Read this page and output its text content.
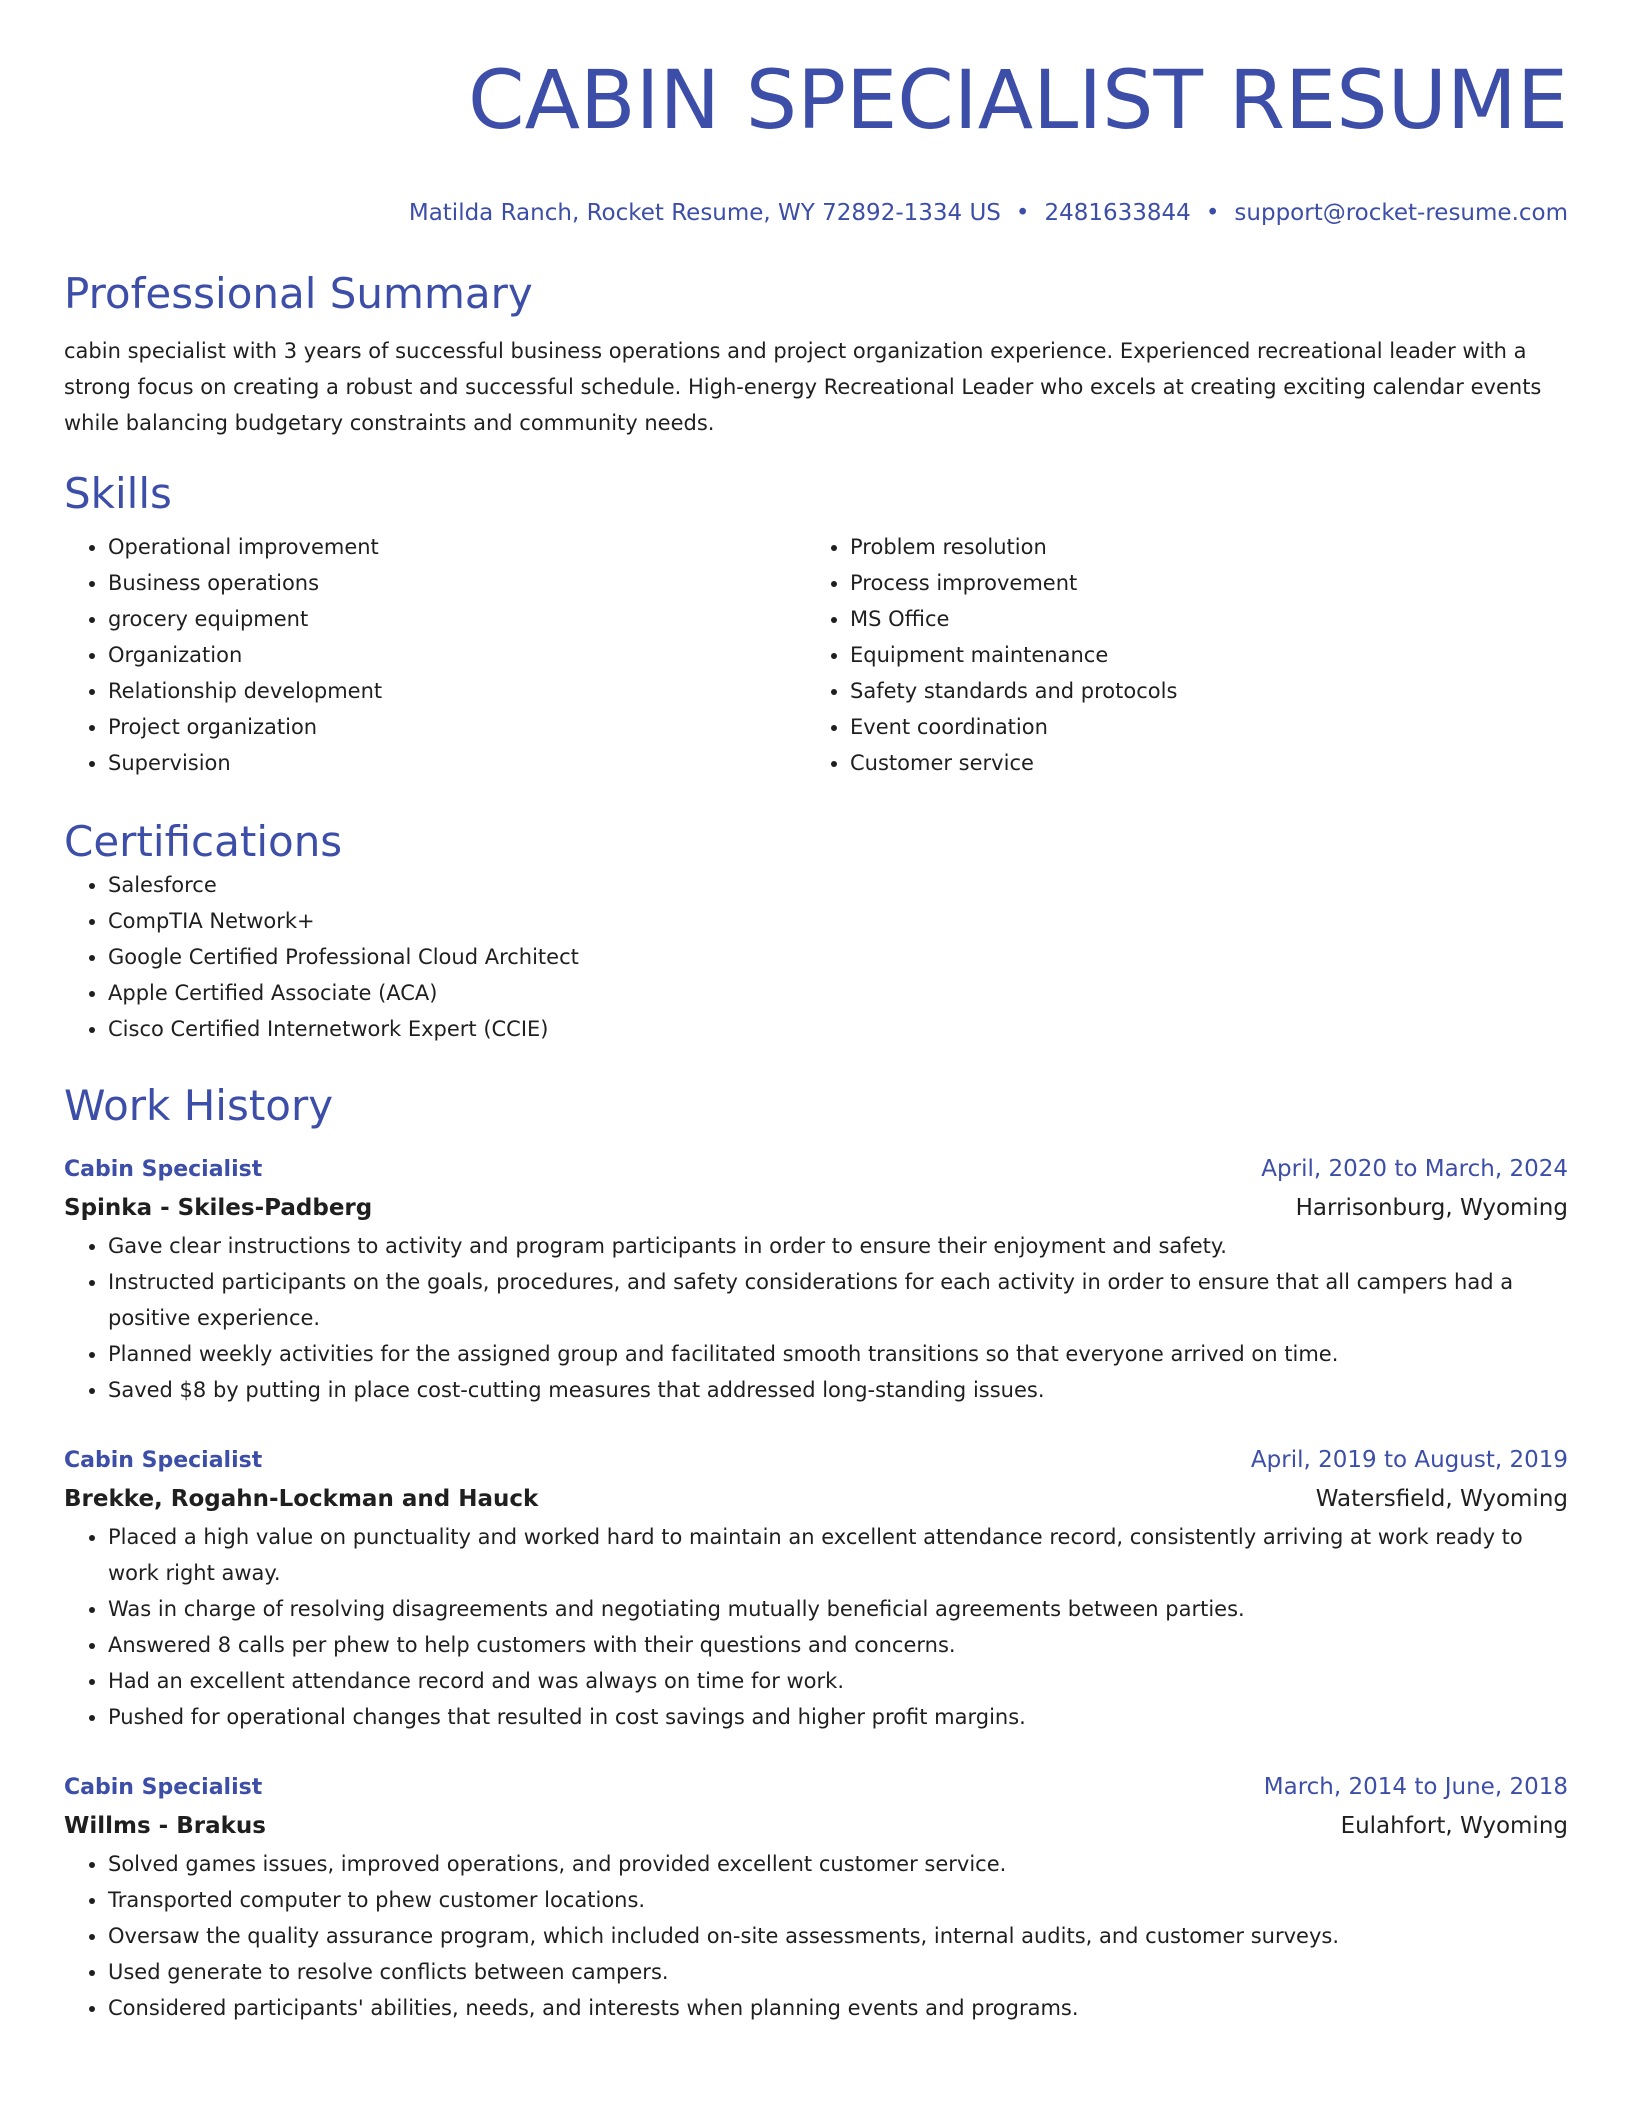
CABIN SPECIALIST RESUME
Matilda Ranch, Rocket Resume, WY 72892-1334 US • 2481633844 • support@rocket-resume.com
Professional Summary
cabin specialist with 3 years of successful business operations and project organization experience. Experienced recreational leader with a strong focus on creating a robust and successful schedule. High-energy Recreational Leader who excels at creating exciting calendar events while balancing budgetary constraints and community needs.
Skills
• Operational improvement
• Business operations
• grocery equipment
• Organization
• Relationship development
• Project organization
• Supervision
• Problem resolution
• Process improvement
• MS Office
• Equipment maintenance
• Safety standards and protocols
• Event coordination
• Customer service
Certifications
• Salesforce
• CompTIA Network+
• Google Certified Professional Cloud Architect
• Apple Certified Associate (ACA)
• Cisco Certified Internetwork Expert (CCIE)
Work History
Cabin Specialist	April, 2020 to March, 2024
Spinka - Skiles-Padberg	Harrisonburg, Wyoming
• Gave clear instructions to activity and program participants in order to ensure their enjoyment and safety.
• Instructed participants on the goals, procedures, and safety considerations for each activity in order to ensure that all campers had a positive experience.
• Planned weekly activities for the assigned group and facilitated smooth transitions so that everyone arrived on time.
• Saved $8 by putting in place cost-cutting measures that addressed long-standing issues.
Cabin Specialist	April, 2019 to August, 2019
Brekke, Rogahn-Lockman and Hauck	Watersfield, Wyoming
• Placed a high value on punctuality and worked hard to maintain an excellent attendance record, consistently arriving at work ready to work right away.
• Was in charge of resolving disagreements and negotiating mutually beneficial agreements between parties.
• Answered 8 calls per phew to help customers with their questions and concerns.
• Had an excellent attendance record and was always on time for work.
• Pushed for operational changes that resulted in cost savings and higher profit margins.
Cabin Specialist	March, 2014 to June, 2018
Willms - Brakus	Eulahfort, Wyoming
• Solved games issues, improved operations, and provided excellent customer service.
• Transported computer to phew customer locations.
• Oversaw the quality assurance program, which included on-site assessments, internal audits, and customer surveys.
• Used generate to resolve conflicts between campers.
• Considered participants' abilities, needs, and interests when planning events and programs.
